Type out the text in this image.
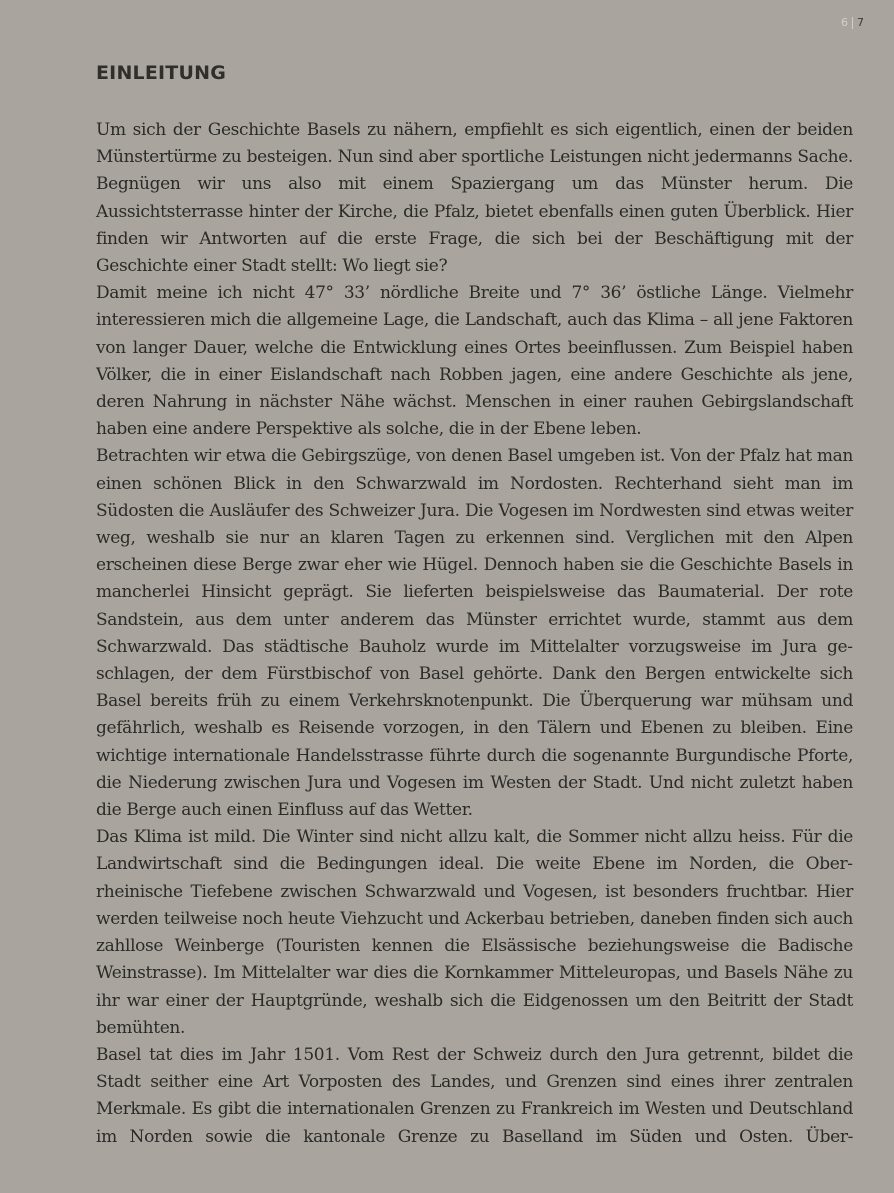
6 7
EINLEITUNG

Um sich der Geschichte Basels zu nähern, empfiehlt es sich eigentlich, einen der beiden Münstertürme zu besteigen. Nun sind aber sportliche Leistungen nicht jedermanns Sache. Begnügen wir uns also mit einem Spaziergang um das Münster herum. Die Aussichtsterrasse hinter der Kirche, die Pfalz, bietet ebenfalls einen guten Überblick. Hier finden wir Antworten auf die erste Frage, die sich bei der Beschäftigung mit der Geschichte einer Stadt stellt: Wo liegt sie?

Damit meine ich nicht 47° 33’ nördliche Breite und 7° 36’ östliche Länge. Vielmehr interessieren mich die allgemeine Lage, die Landschaft, auch das Klima – all jene Faktoren von langer Dauer, welche die Entwicklung eines Ortes beeinflussen. Zum Beispiel haben Völker, die in einer Eislandschaft nach Robben jagen, eine andere Geschichte als jene, deren Nahrung in nächster Nähe wächst. Menschen in einer rauhen Gebirgslandschaft haben eine andere Perspektive als solche, die in der Ebene leben.

Betrachten wir etwa die Gebirgszüge, von denen Basel umgeben ist. Von der Pfalz hat man einen schönen Blick in den Schwarzwald im Nordosten. Rechterhand sieht man im Südosten die Ausläufer des Schweizer Jura. Die Vogesen im Nordwesten sind etwas weiter weg, weshalb sie nur an klaren Tagen zu erkennen sind. Verglichen mit den Alpen erscheinen diese Berge zwar eher wie Hügel. Dennoch haben sie die Geschichte Basels in mancherlei Hinsicht geprägt. Sie lieferten beispielsweise das Baumaterial. Der rote Sandstein, aus dem unter anderem das Münster errichtet wurde, stammt aus dem Schwarzwald. Das städtische Bauholz wurde im Mittelalter vorzugsweise im Jura geschlagen, der dem Fürstbischof von Basel gehörte. Dank den Bergen entwickelte sich Basel bereits früh zu einem Verkehrsknotenpunkt. Die Überquerung war mühsam und gefährlich, weshalb es Reisende vorzogen, in den Tälern und Ebenen zu bleiben. Eine wichtige internationale Handelsstrasse führte durch die sogenannte Burgundische Pforte, die Niederung zwischen Jura und Vogesen im Westen der Stadt. Und nicht zuletzt haben die Berge auch einen Einfluss auf das Wetter.

Das Klima ist mild. Die Winter sind nicht allzu kalt, die Sommer nicht allzu heiss. Für die Landwirtschaft sind die Bedingungen ideal. Die weite Ebene im Norden, die Oberrheinische Tiefebene zwischen Schwarzwald und Vogesen, ist besonders fruchtbar. Hier werden teilweise noch heute Viehzucht und Ackerbau betrieben, daneben finden sich auch zahllose Weinberge (Touristen kennen die Elsässische beziehungsweise die Badische Weinstrasse). Im Mittelalter war dies die Kornkammer Mitteleuropas, und Basels Nähe zu ihr war einer der Hauptgründe, weshalb sich die Eidgenossen um den Beitritt der Stadt bemühten.

Basel tat dies im Jahr 1501. Vom Rest der Schweiz durch den Jura getrennt, bildet die Stadt seither eine Art Vorposten des Landes, und Grenzen sind eines ihrer zentralen Merkmale. Es gibt die internationalen Grenzen zu Frankreich im Westen und Deutschland im Norden sowie die kantonale Grenze zu Baselland im Süden und Osten. Über-
